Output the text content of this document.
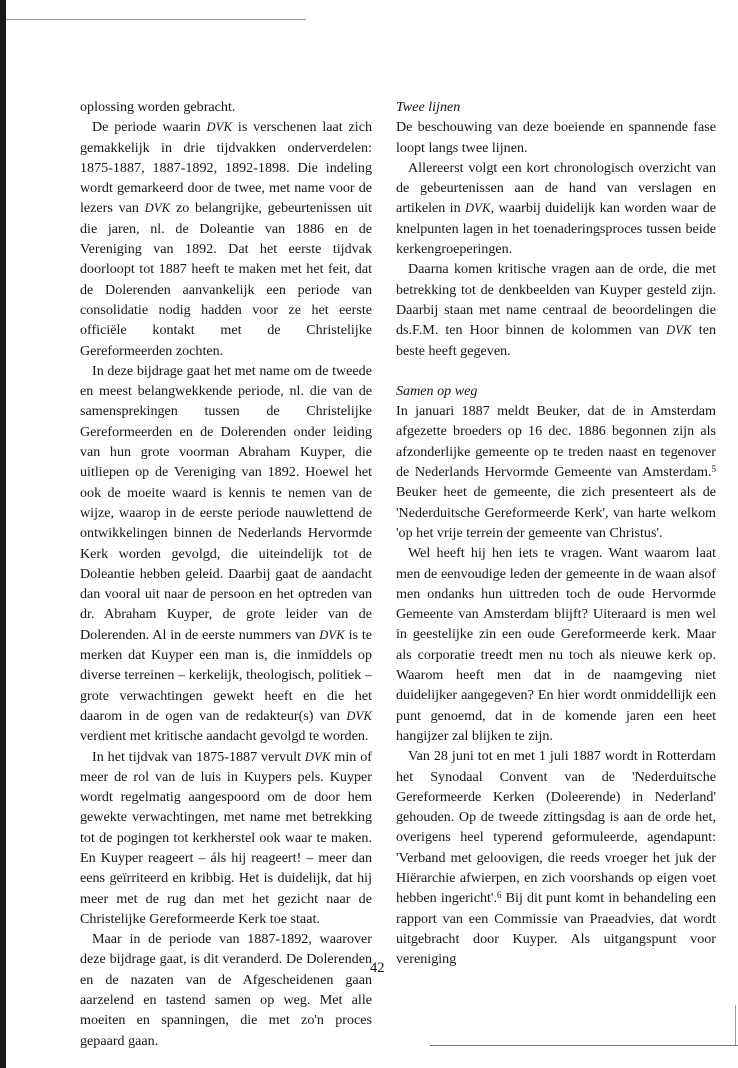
oplossing worden gebracht.

De periode waarin DVK is verschenen laat zich gemakkelijk in drie tijdvakken onderverdelen: 1875-1887, 1887-1892, 1892-1898. Die indeling wordt gemarkeerd door de twee, met name voor de lezers van DVK zo belangrijke, gebeurtenissen uit die jaren, nl. de Doleantie van 1886 en de Vereniging van 1892. Dat het eerste tijdvak doorloopt tot 1887 heeft te maken met het feit, dat de Dolerenden aanvankelijk een periode van consolidatie nodig hadden voor ze het eerste officiële kontakt met de Christelijke Gereformeerden zochten.

In deze bijdrage gaat het met name om de tweede en meest belangwekkende periode, nl. die van de samensprekingen tussen de Christelijke Gereformeerden en de Dolerenden onder leiding van hun grote voorman Abraham Kuyper, die uitliepen op de Vereniging van 1892. Hoewel het ook de moeite waard is kennis te nemen van de wijze, waarop in de eerste periode nauwlettend de ontwikkelingen binnen de Nederlands Hervormde Kerk worden gevolgd, die uiteindelijk tot de Doleantie hebben geleid. Daarbij gaat de aandacht dan vooral uit naar de persoon en het optreden van dr. Abraham Kuyper, de grote leider van de Dolerenden. Al in de eerste nummers van DVK is te merken dat Kuyper een man is, die inmiddels op diverse terreinen – kerkelijk, theologisch, politiek – grote verwachtingen gewekt heeft en die het daarom in de ogen van de redakteur(s) van DVK verdient met kritische aandacht gevolgd te worden.

In het tijdvak van 1875-1887 vervult DVK min of meer de rol van de luis in Kuypers pels. Kuyper wordt regelmatig aangespoord om de door hem gewekte verwachtingen, met name met betrekking tot de pogingen tot kerkherstel ook waar te maken. En Kuyper reageert – áls hij reageert! – meer dan eens geïrriteerd en kribbig. Het is duidelijk, dat hij meer met de rug dan met het gezicht naar de Christelijke Gereformeerde Kerk toe staat.

Maar in de periode van 1887-1892, waarover deze bijdrage gaat, is dit veranderd. De Dolerenden en de nazaten van de Afgescheidenen gaan aarzelend en tastend samen op weg. Met alle moeiten en spanningen, die met zo'n proces gepaard gaan.

Twee lijnen

De beschouwing van deze boeiende en spannende fase loopt langs twee lijnen.

Allereerst volgt een kort chronologisch overzicht van de gebeurtenissen aan de hand van verslagen en artikelen in DVK, waarbij duidelijk kan worden waar de knelpunten lagen in het toenaderingsproces tussen beide kerkengroeperingen.

Daarna komen kritische vragen aan de orde, die met betrekking tot de denkbeelden van Kuyper gesteld zijn. Daarbij staan met name centraal de beoordelingen die ds.F.M. ten Hoor binnen de kolommen van DVK ten beste heeft gegeven.

Samen op weg

In januari 1887 meldt Beuker, dat de in Amsterdam afgezette broeders op 16 dec. 1886 begonnen zijn als afzonderlijke gemeente op te treden naast en tegenover de Nederlands Hervormde Gemeente van Amsterdam.$^5$ Beuker heet de gemeente, die zich presenteert als de 'Nederduitsche Gereformeerde Kerk', van harte welkom 'op het vrije terrein der gemeente van Christus'.

Wel heeft hij hen iets te vragen. Want waarom laat men de eenvoudige leden der gemeente in de waan alsof men ondanks hun uittreden toch de oude Hervormde Gemeente van Amsterdam blijft? Uiteraard is men wel in geestelijke zin een oude Gereformeerde kerk. Maar als corporatie treedt men nu toch als nieuwe kerk op. Waarom heeft men dat in de naamgeving niet duidelijker aangegeven? En hier wordt onmiddellijk een punt genoemd, dat in de komende jaren een heet hangijzer zal blijken te zijn.

Van 28 juni tot en met 1 juli 1887 wordt in Rotterdam het Synodaal Convent van de 'Nederduitsche Gereformeerde Kerken (Doleerende) in Nederland' gehouden. Op de tweede zittingsdag is aan de orde het, overigens heel typerend geformuleerde, agendapunt: 'Verband met geloovigen, die reeds vroeger het juk der Hiërarchie afwierpen, en zich voorshands op eigen voet hebben ingericht'.$^6$ Bij dit punt komt in behandeling een rapport van een Commissie van Praeadvies, dat wordt uitgebracht door Kuyper. Als uitgangspunt voor vereniging

42
